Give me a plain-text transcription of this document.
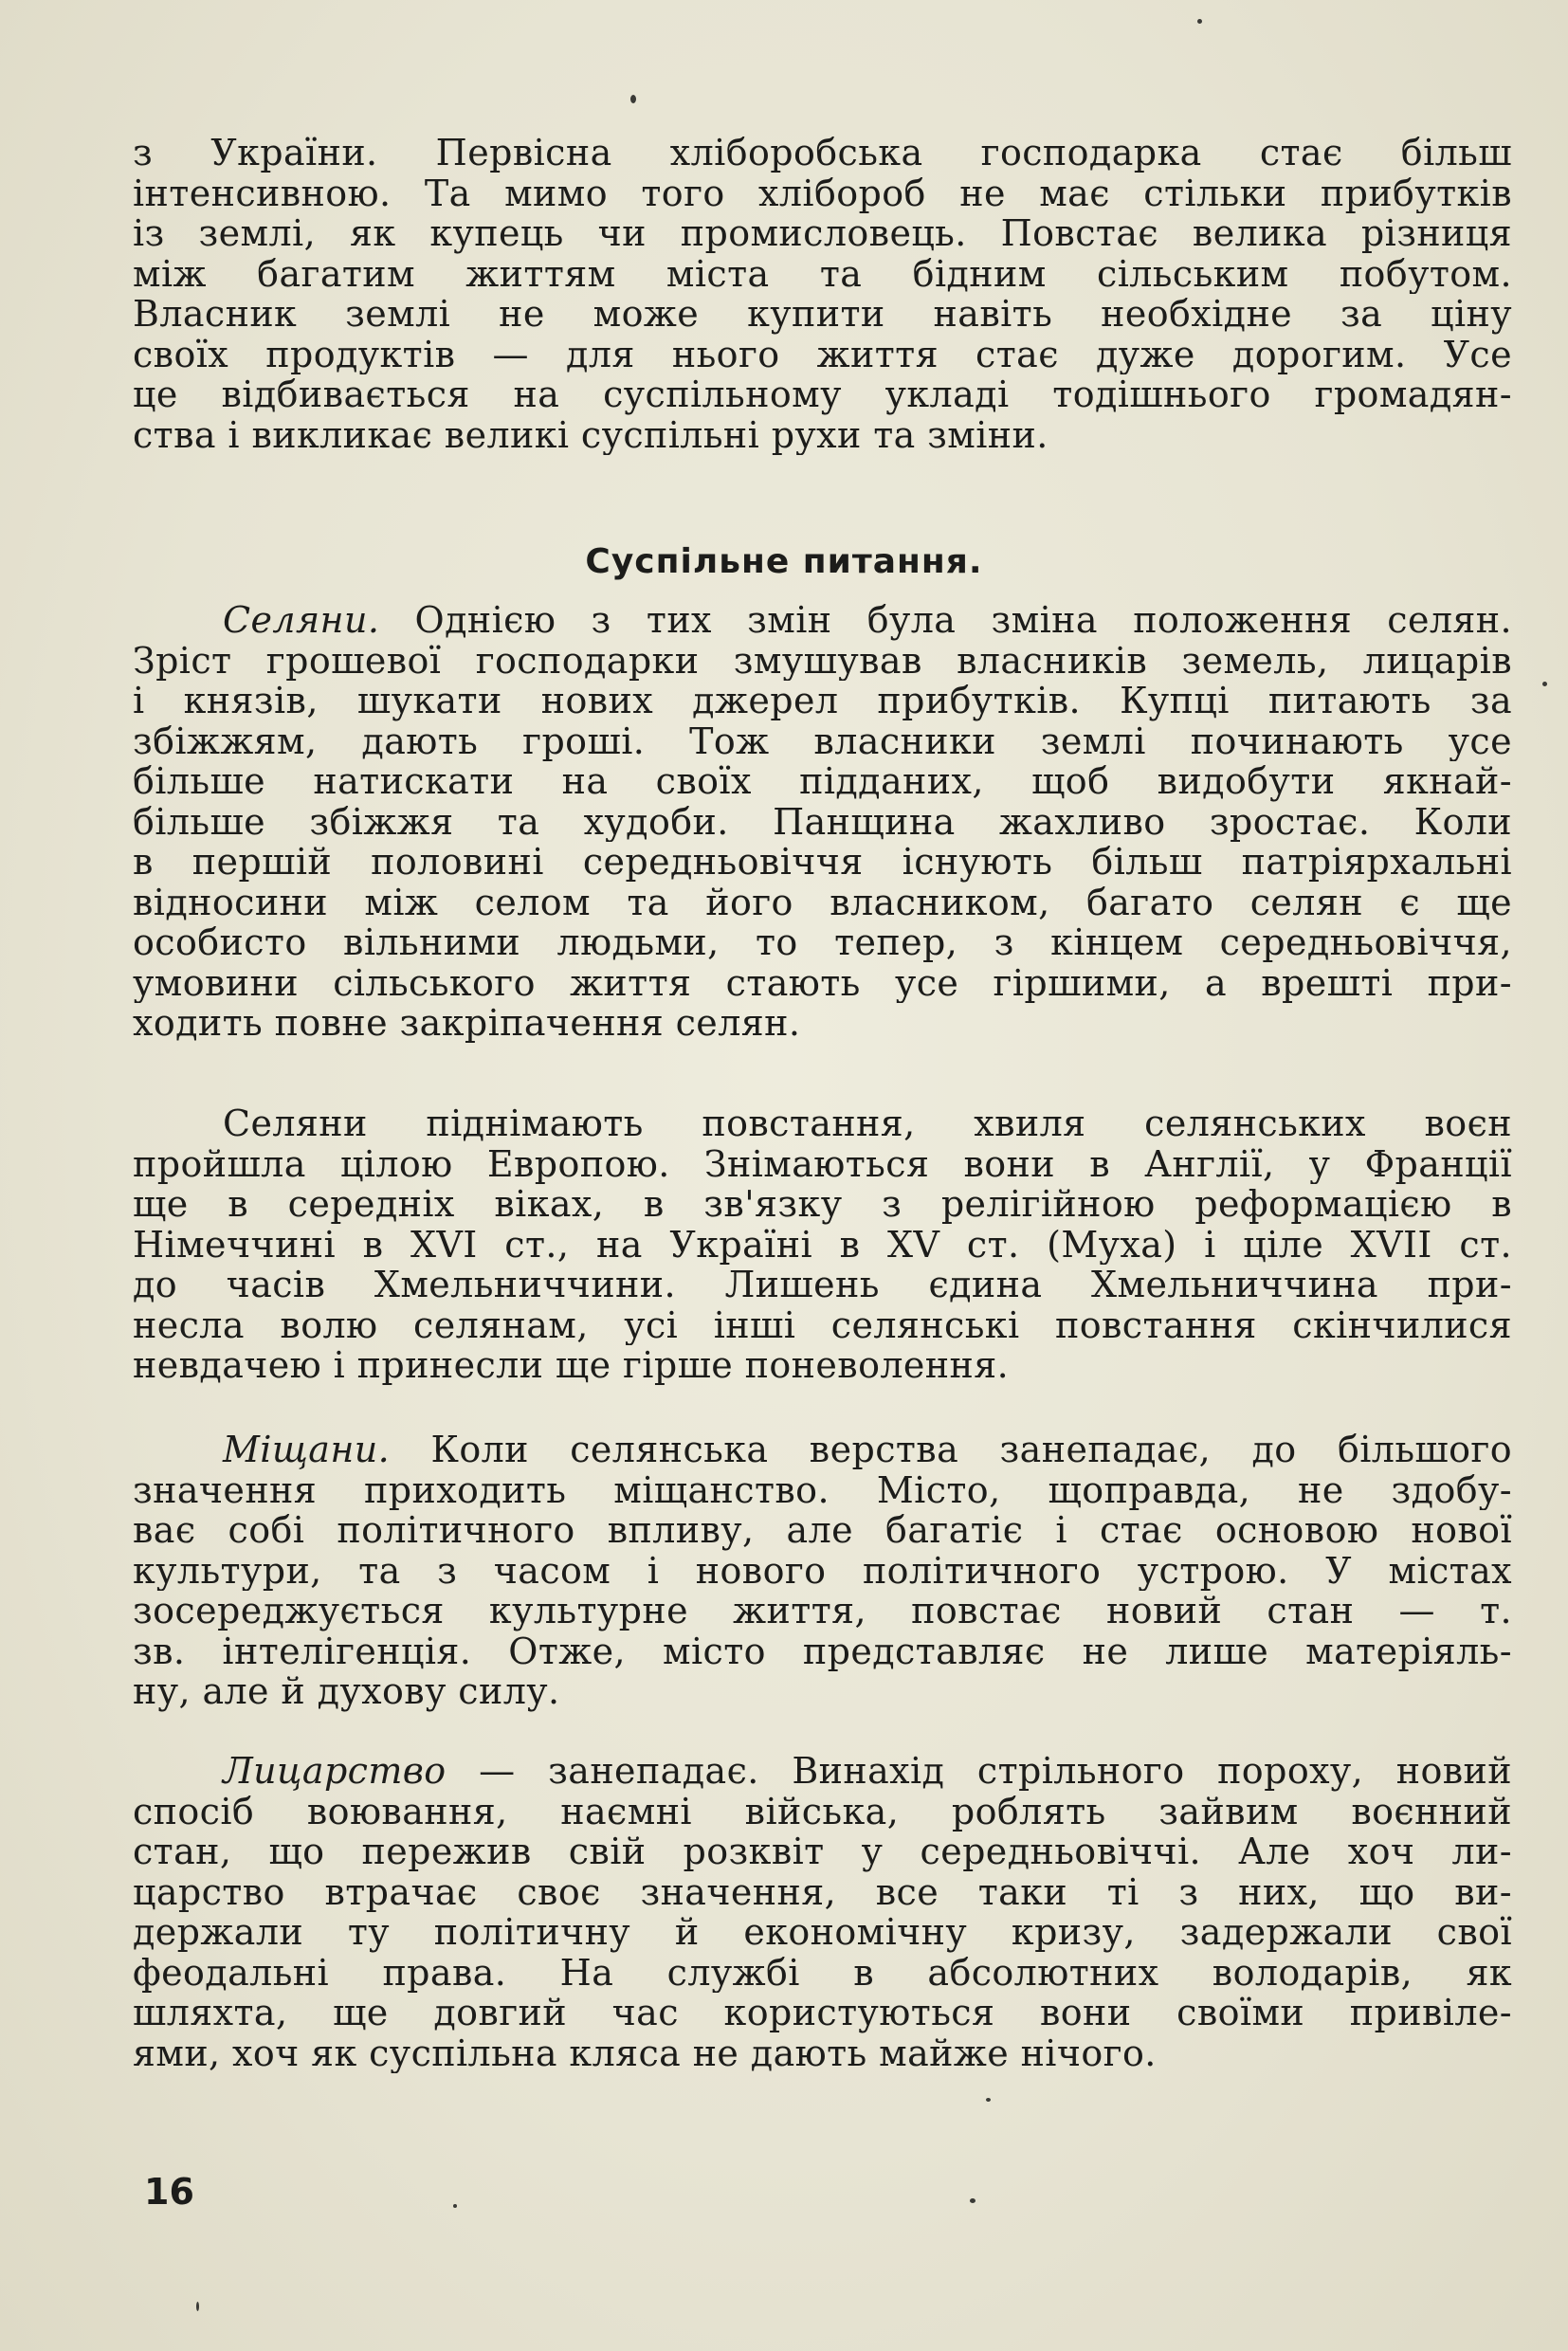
з України. Первісна хліборобська господарка стає більш
інтенсивною. Та мимо того хлібороб не має стільки прибутків
із землі, як купець чи промисловець. Повстає велика різниця
між багатим життям міста та бідним сільським побутом.
Власник землі не може купити навіть необхідне за ціну
своїх продуктів — для нього життя стає дуже дорогим. Усе
це відбивається на суспільному укладі тодішнього громадян-
ства і викликає великі суспільні рухи та зміни.
Суспільне питання.
Селяни. Однією з тих змін була зміна положення селян.
Зріст грошевої господарки змушував власників земель, лицарів
і князів, шукати нових джерел прибутків. Купці питають за
збіжжям, дають гроші. Тож власники землі починають усе
більше натискати на своїх підданих, щоб видобути якнай-
більше збіжжя та худоби. Панщина жахливо зростає. Коли
в першій половині середньовіччя існують більш патріярхальні
відносини між селом та його власником, багато селян є ще
особисто вільними людьми, то тепер, з кінцем середньовіччя,
умовини сільського життя стають усе гіршими, а врешті при-
ходить повне закріпачення селян.
Селяни піднімають повстання, хвиля селянських воєн
пройшла цілою Европою. Знімаються вони в Англії, у Франції
ще в середніх віках, в зв'язку з релігійною реформацією в
Німеччині в XVI ст., на Україні в XV ст. (Муха) і ціле XVII ст.
до часів Хмельниччини. Лишень єдина Хмельниччина при-
несла волю селянам, усі інші селянські повстання скінчилися
невдачею і принесли ще гірше поневолення.
Міщани. Коли селянська верства занепадає, до більшого
значення приходить міщанство. Місто, щоправда, не здобу-
ває собі політичного впливу, але багатіє і стає основою нової
культури, та з часом і нового політичного устрою. У містах
зосереджується культурне життя, повстає новий стан — т.
зв. інтелігенція. Отже, місто представляє не лише матеріяль-
ну, але й духову силу.
Лицарство — занепадає. Винахід стрільного пороху, новий
спосіб воювання, наємні війська, роблять зайвим воєнний
стан, що пережив свій розквіт у середньовіччі. Але хоч ли-
царство втрачає своє значення, все таки ті з них, що ви-
держали ту політичну й економічну кризу, задержали свої
феодальні права. На службі в абсолютних володарів, як
шляхта, ще довгий час користуються вони своїми привіле-
ями, хоч як суспільна кляса не дають майже нічого.
16
